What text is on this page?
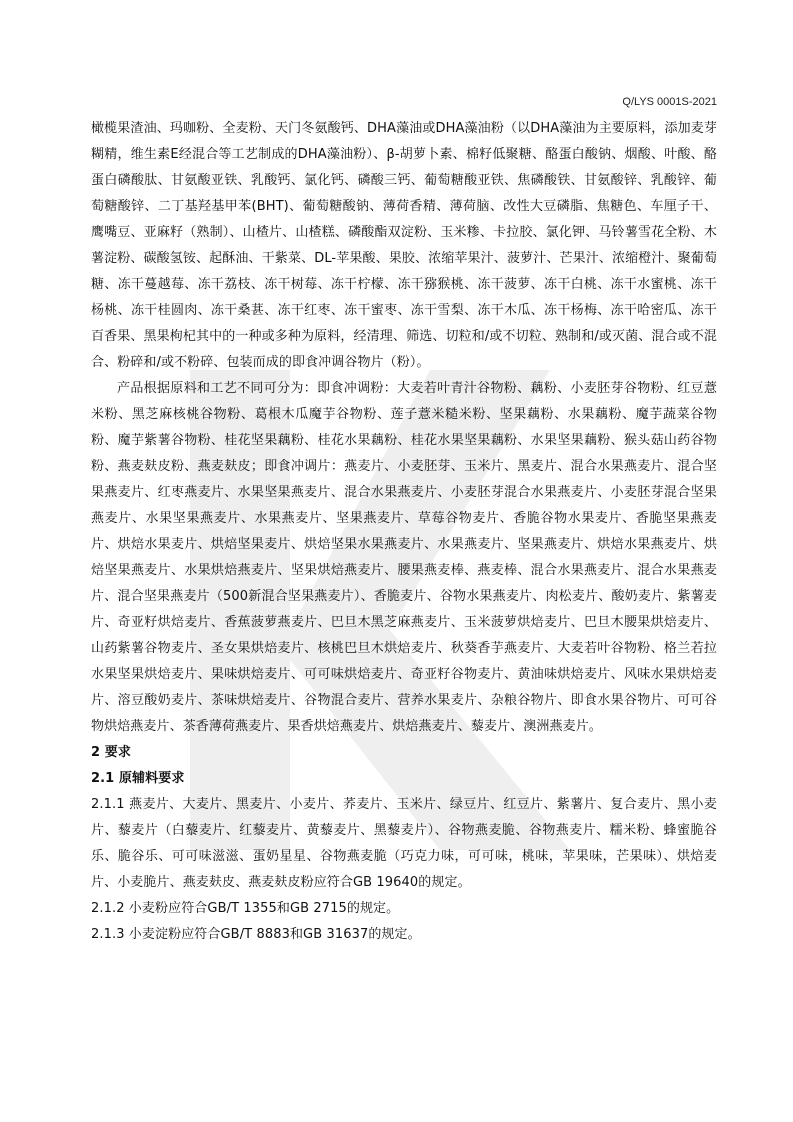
Q/LYS 0001S-2021

橄榄果渣油、玛咖粉、全麦粉、天门冬氨酸钙、DHA藻油或DHA藻油粉（以DHA藻油为主要原料，添加麦芽糊精，维生素E经混合等工艺制成的DHA藻油粉）、β-胡萝卜素、棉籽低聚糖、酪蛋白酸钠、烟酸、叶酸、酪蛋白磷酸肽、甘氨酸亚铁、乳酸钙、氯化钙、磷酸三钙、葡萄糖酸亚铁、焦磷酸铁、甘氨酸锌、乳酸锌、葡萄糖酸锌、二丁基羟基甲苯(BHT)、葡萄糖酸钠、薄荷香精、薄荷脑、改性大豆磷脂、焦糖色、车厘子干、鹰嘴豆、亚麻籽（熟制）、山楂片、山楂糕、磷酸酯双淀粉、玉米糁、卡拉胶、氯化钾、马铃薯雪花全粉、木薯淀粉、碳酸氢铵、起酥油、干紫菜、DL-苹果酸、果胶、浓缩苹果汁、菠萝汁、芒果汁、浓缩橙汁、聚葡萄糖、冻干蔓越莓、冻干荔枝、冻干树莓、冻干柠檬、冻干猕猴桃、冻干菠萝、冻干白桃、冻干水蜜桃、冻干杨桃、冻干桂圆肉、冻干桑葚、冻干红枣、冻干蜜枣、冻干雪梨、冻干木瓜、冻干杨梅、冻干哈密瓜、冻干百香果、黑果枸杞其中的一种或多种为原料，经清理、筛选、切粒和/或不切粒、熟制和/或灭菌、混合或不混合、粉碎和/或不粉碎、包装而成的即食冲调谷物片（粉）。

产品根据原料和工艺不同可分为：即食冲调粉：大麦若叶青汁谷物粉、藕粉、小麦胚芽谷物粉、红豆薏米粉、黑芝麻核桃谷物粉、葛根木瓜魔芋谷物粉、莲子薏米糙米粉、坚果藕粉、水果藕粉、魔芋蔬菜谷物粉、魔芋紫薯谷物粉、桂花坚果藕粉、桂花水果藕粉、桂花水果坚果藕粉、水果坚果藕粉、猴头菇山药谷物粉、燕麦麸皮粉、燕麦麸皮；即食冲调片：燕麦片、小麦胚芽、玉米片、黑麦片、混合水果燕麦片、混合坚果燕麦片、红枣燕麦片、水果坚果燕麦片、混合水果燕麦片、小麦胚芽混合水果燕麦片、小麦胚芽混合坚果燕麦片、水果坚果燕麦片、水果燕麦片、坚果燕麦片、草莓谷物麦片、香脆谷物水果麦片、香脆坚果燕麦片、烘焙水果麦片、烘焙坚果麦片、烘焙坚果水果燕麦片、水果燕麦片、坚果燕麦片、烘焙水果燕麦片、烘焙坚果燕麦片、水果烘焙燕麦片、坚果烘焙燕麦片、腰果燕麦棒、燕麦棒、混合水果燕麦片、混合水果燕麦片、混合坚果燕麦片（500新混合坚果燕麦片）、香脆麦片、谷物水果燕麦片、肉松麦片、酸奶麦片、紫薯麦片、奇亚籽烘焙麦片、香蕉菠萝燕麦片、巴旦木黑芝麻燕麦片、玉米菠萝烘焙麦片、巴旦木腰果烘焙麦片、山药紫薯谷物麦片、圣女果烘焙麦片、核桃巴旦木烘焙麦片、秋葵香芋燕麦片、大麦若叶谷物粉、格兰若拉水果坚果烘焙麦片、果味烘焙麦片、可可味烘焙麦片、奇亚籽谷物麦片、黄油味烘焙麦片、风味水果烘焙麦片、溶豆酸奶麦片、茶味烘焙麦片、谷物混合麦片、营养水果麦片、杂粮谷物片、即食水果谷物片、可可谷物烘焙燕麦片、茶香薄荷燕麦片、果香烘焙燕麦片、烘焙燕麦片、藜麦片、澳洲燕麦片。

2 要求

2.1 原辅料要求

2.1.1 燕麦片、大麦片、黑麦片、小麦片、荞麦片、玉米片、绿豆片、红豆片、紫薯片、复合麦片、黑小麦片、藜麦片（白藜麦片、红藜麦片、黄藜麦片、黑藜麦片）、谷物燕麦脆、谷物燕麦片、糯米粉、蜂蜜脆谷乐、脆谷乐、可可味滋滋、蛋奶星星、谷物燕麦脆（巧克力味，可可味，桃味，苹果味，芒果味）、烘焙麦片、小麦脆片、燕麦麸皮、燕麦麸皮粉应符合GB 19640的规定。

2.1.2 小麦粉应符合GB/T 1355和GB 2715的规定。

2.1.3 小麦淀粉应符合GB/T 8883和GB 31637的规定。
